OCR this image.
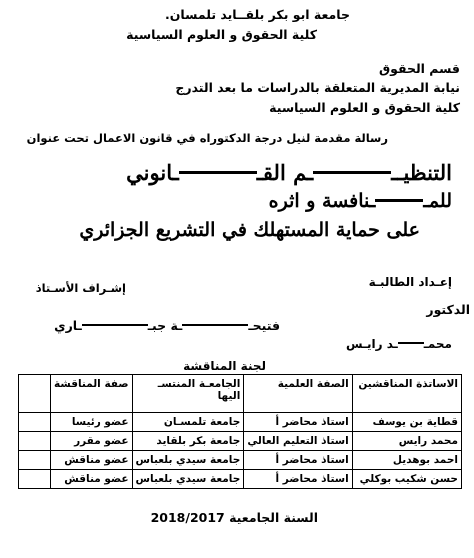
جامعة ابو بكر بلقــايد تلمسان.
كلية الحقوق و العلوم السياسية
قسم الحقوق
نيابة المديرية المتعلقة بالدراسات ما بعد التدرج
كلية الحقوق و العلوم السياسية
رسالة مقدمة لنيل درجة الدكتوراه في قانون الاعمال تحت عنوان
التنظيـــم القــانوني
للمــنافسة و اثره
على حماية المستهلك في التشريع الجزائري
إعـداد الطالبـة
إشـراف الأسـتاذ
الدكتور
فتيحــة جبــاري
محمــد رايـس
لجنة المناقشة
الاساتذة المناقشين	الصفة العلمية	الجامعـة المنتسـ اليها	صفة المناقشة	
قطاية بن يوسف	استاذ محاضر أ	جامعة تلمسـان	عضو رئيسا	
محمد رايس	استاذ التعليم العالي	جامعة بكر بلقايد	عضو مقرر	
احمد بوهديل	استاذ محاضر أ	جامعة سيدي بلعباس	عضو مناقش	
حسن شكيب بوكلي	استاذ محاضر أ	جامعة سيدي بلعباس	عضو مناقش	
السنة الجامعية 2018/2017
